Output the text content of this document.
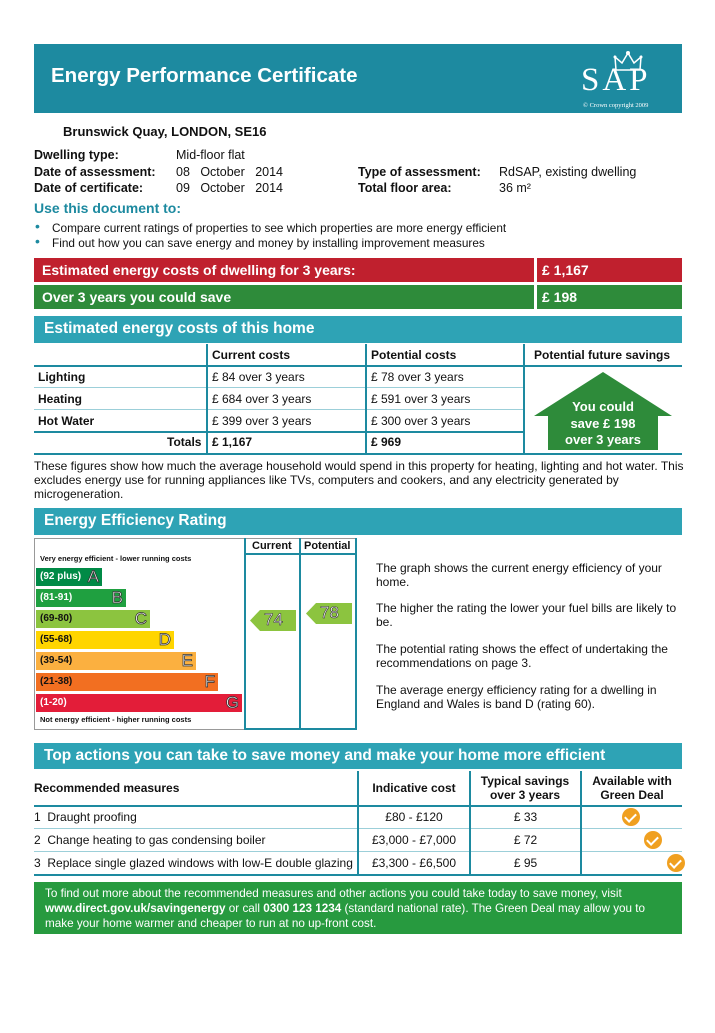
Energy Performance Certificate	SAP
© Crown copyright 2009
Brunswick Quay, LONDON, SE16
Dwelling type:	Mid-floor flat
Date of assessment: 08   October   2014
Date of certificate:	09   October   2014
Type of assessment: RdSAP, existing dwelling
Total floor area:	36 m²
Use this document to:
• Compare current ratings of properties to see which properties are more energy efficient
• Find out how you can save energy and money by installing improvement measures
Estimated energy costs of dwelling for 3 years:	£ 1,167
Over 3 years you could save	£ 198
Estimated energy costs of this home
Current costs	Potential costs	Potential future savings
Lighting	£ 84 over 3 years	£ 78 over 3 years
Heating	£ 684 over 3 years	£ 591 over 3 years
Hot Water	£ 399 over 3 years	£ 300 over 3 years
Totals £ 1,167	£ 969
You could
save £ 198
over 3 years
These figures show how much the average household would spend in this property for heating, lighting and hot water. This excludes energy use for running appliances like TVs, computers and cookers, and any electricity generated by microgeneration.
Energy Efficiency Rating
Current Potential
Very energy efficient - lower running costs
Not energy efficient - higher running costs
(92 plus) A
(81-91) B
(69-80)	C
(55-68)	D
(39-54)	E
(21-38)	F
(1-20)	G
74 78
The graph shows the current energy efficiency of your home.
The higher the rating the lower your fuel bills are likely to be.
The potential rating shows the effect of undertaking the recommendations on page 3.
The average energy efficiency rating for a dwelling in England and Wales is band D (rating 60).
Top actions you can take to save money and make your home more efficient
Recommended measures	Indicative cost	Typical savings over 3 years
Available with Green Deal
1 Draught proofing	£80 - £120	£ 33

2 Change heating to gas condensing boiler	£3,000 - £7,000	£ 72

3 Replace single glazed windows with low-E double glazing	£3,300 - £6,500	£ 95
To find out more about the recommended measures and other actions you could take today to save money, visit
www.direct.gov.uk/savingenergy or call 0300 123 1234 (standard national rate). The Green Deal may allow you to make your home warmer and cheaper to run at no up-front cost.
